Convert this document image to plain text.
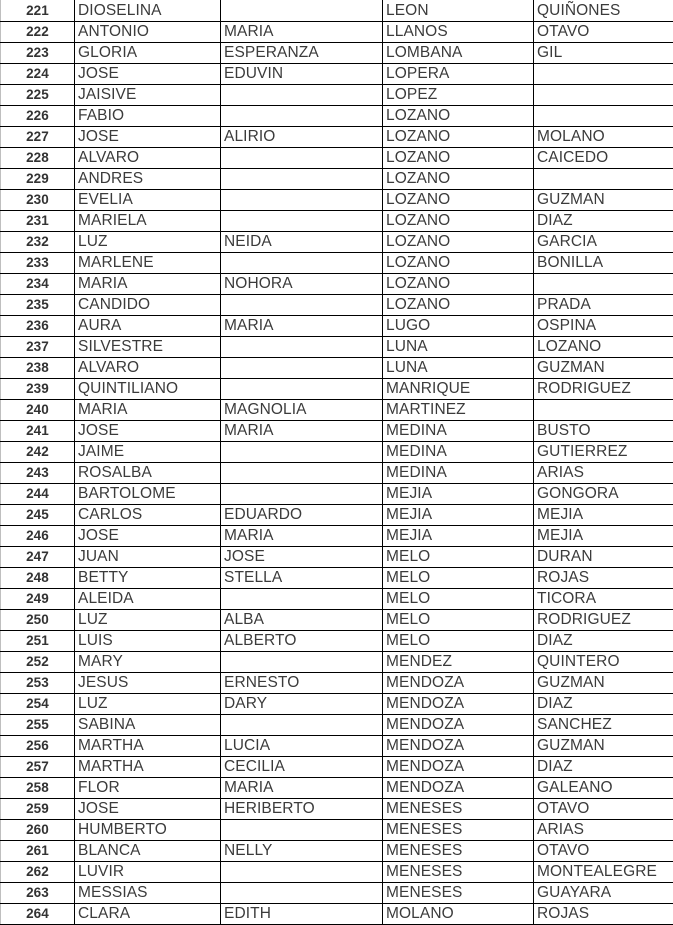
221	DIOSELINA		LEON	QUIÑONES
222	ANTONIO	MARIA	LLANOS	OTAVO
223	GLORIA	ESPERANZA	LOMBANA	GIL
224	JOSE	EDUVIN	LOPERA	
225	JAISIVE		LOPEZ	
226	FABIO		LOZANO	
227	JOSE	ALIRIO	LOZANO	MOLANO
228	ALVARO		LOZANO	CAICEDO
229	ANDRES		LOZANO	
230	EVELIA		LOZANO	GUZMAN
231	MARIELA		LOZANO	DIAZ
232	LUZ	NEIDA	LOZANO	GARCIA
233	MARLENE		LOZANO	BONILLA
234	MARIA	NOHORA	LOZANO	
235	CANDIDO		LOZANO	PRADA
236	AURA	MARIA	LUGO	OSPINA
237	SILVESTRE		LUNA	LOZANO
238	ALVARO		LUNA	GUZMAN
239	QUINTILIANO		MANRIQUE	RODRIGUEZ
240	MARIA	MAGNOLIA	MARTINEZ	
241	JOSE	MARIA	MEDINA	BUSTO
242	JAIME		MEDINA	GUTIERREZ
243	ROSALBA		MEDINA	ARIAS
244	BARTOLOME		MEJIA	GONGORA
245	CARLOS	EDUARDO	MEJIA	MEJIA
246	JOSE	MARIA	MEJIA	MEJIA
247	JUAN	JOSE	MELO	DURAN
248	BETTY	STELLA	MELO	ROJAS
249	ALEIDA		MELO	TICORA
250	LUZ	ALBA	MELO	RODRIGUEZ
251	LUIS	ALBERTO	MELO	DIAZ
252	MARY		MENDEZ	QUINTERO
253	JESUS	ERNESTO	MENDOZA	GUZMAN
254	LUZ	DARY	MENDOZA	DIAZ
255	SABINA		MENDOZA	SANCHEZ
256	MARTHA	LUCIA	MENDOZA	GUZMAN
257	MARTHA	CECILIA	MENDOZA	DIAZ
258	FLOR	MARIA	MENDOZA	GALEANO
259	JOSE	HERIBERTO	MENESES	OTAVO
260	HUMBERTO		MENESES	ARIAS
261	BLANCA	NELLY	MENESES	OTAVO
262	LUVIR		MENESES	MONTEALEGRE
263	MESSIAS		MENESES	GUAYARA
264	CLARA	EDITH	MOLANO	ROJAS
